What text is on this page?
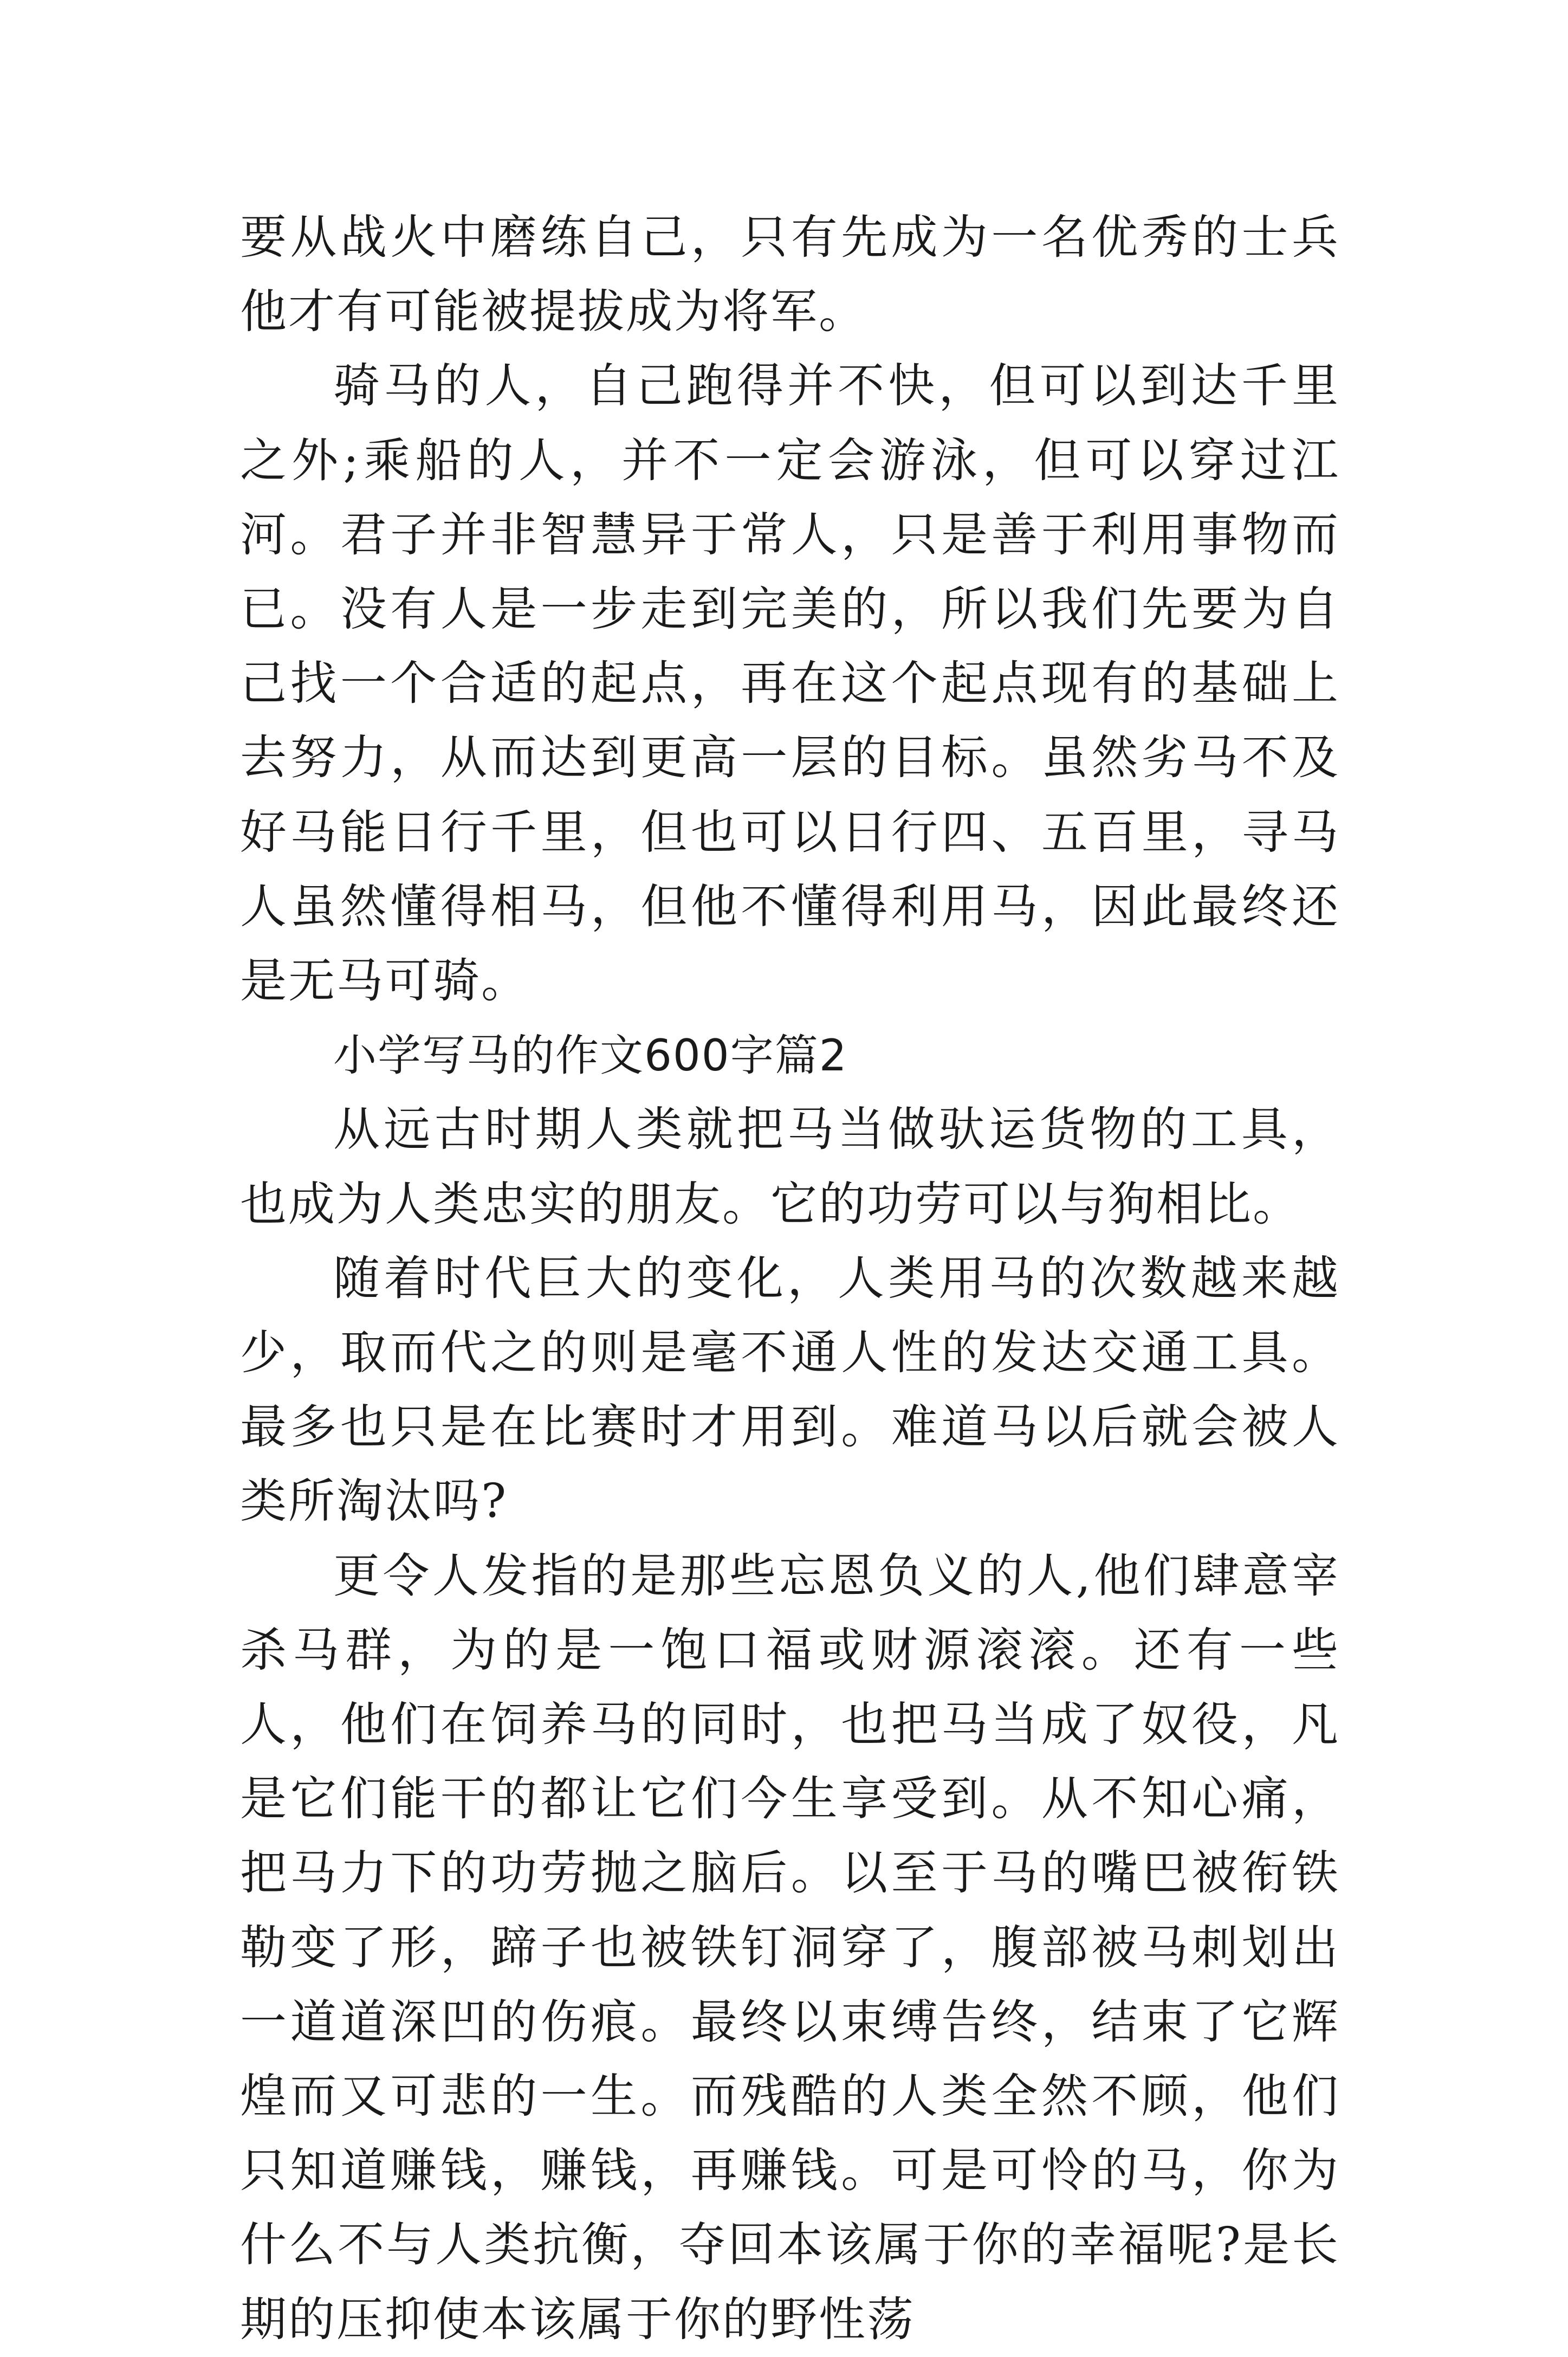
要从战火中磨练自己，只有先成为一名优秀的士兵他才有可能被提拔成为将军。

骑马的人，自己跑得并不快，但可以到达千里之外;乘船的人，并不一定会游泳，但可以穿过江河。君子并非智慧异于常人，只是善于利用事物而已。没有人是一步走到完美的，所以我们先要为自己找一个合适的起点，再在这个起点现有的基础上去努力，从而达到更高一层的目标。虽然劣马不及好马能日行千里，但也可以日行四、五百里，寻马人虽然懂得相马，但他不懂得利用马，因此最终还是无马可骑。

小学写马的作文600字篇2

从远古时期人类就把马当做驮运货物的工具，也成为人类忠实的朋友。它的功劳可以与狗相比。

随着时代巨大的变化，人类用马的次数越来越少，取而代之的则是毫不通人性的发达交通工具。最多也只是在比赛时才用到。难道马以后就会被人类所淘汰吗?

更令人发指的是那些忘恩负义的人,他们肆意宰杀马群，为的是一饱口福或财源滚滚。还有一些人，他们在饲养马的同时，也把马当成了奴役，凡是它们能干的都让它们今生享受到。从不知心痛，把马力下的功劳抛之脑后。以至于马的嘴巴被衔铁勒变了形，蹄子也被铁钉洞穿了，腹部被马刺划出一道道深凹的伤痕。最终以束缚告终，结束了它辉煌而又可悲的一生。而残酷的人类全然不顾，他们只知道赚钱，赚钱，再赚钱。可是可怜的马，你为什么不与人类抗衡，夺回本该属于你的幸福呢?是长期的压抑使本该属于你的野性荡
